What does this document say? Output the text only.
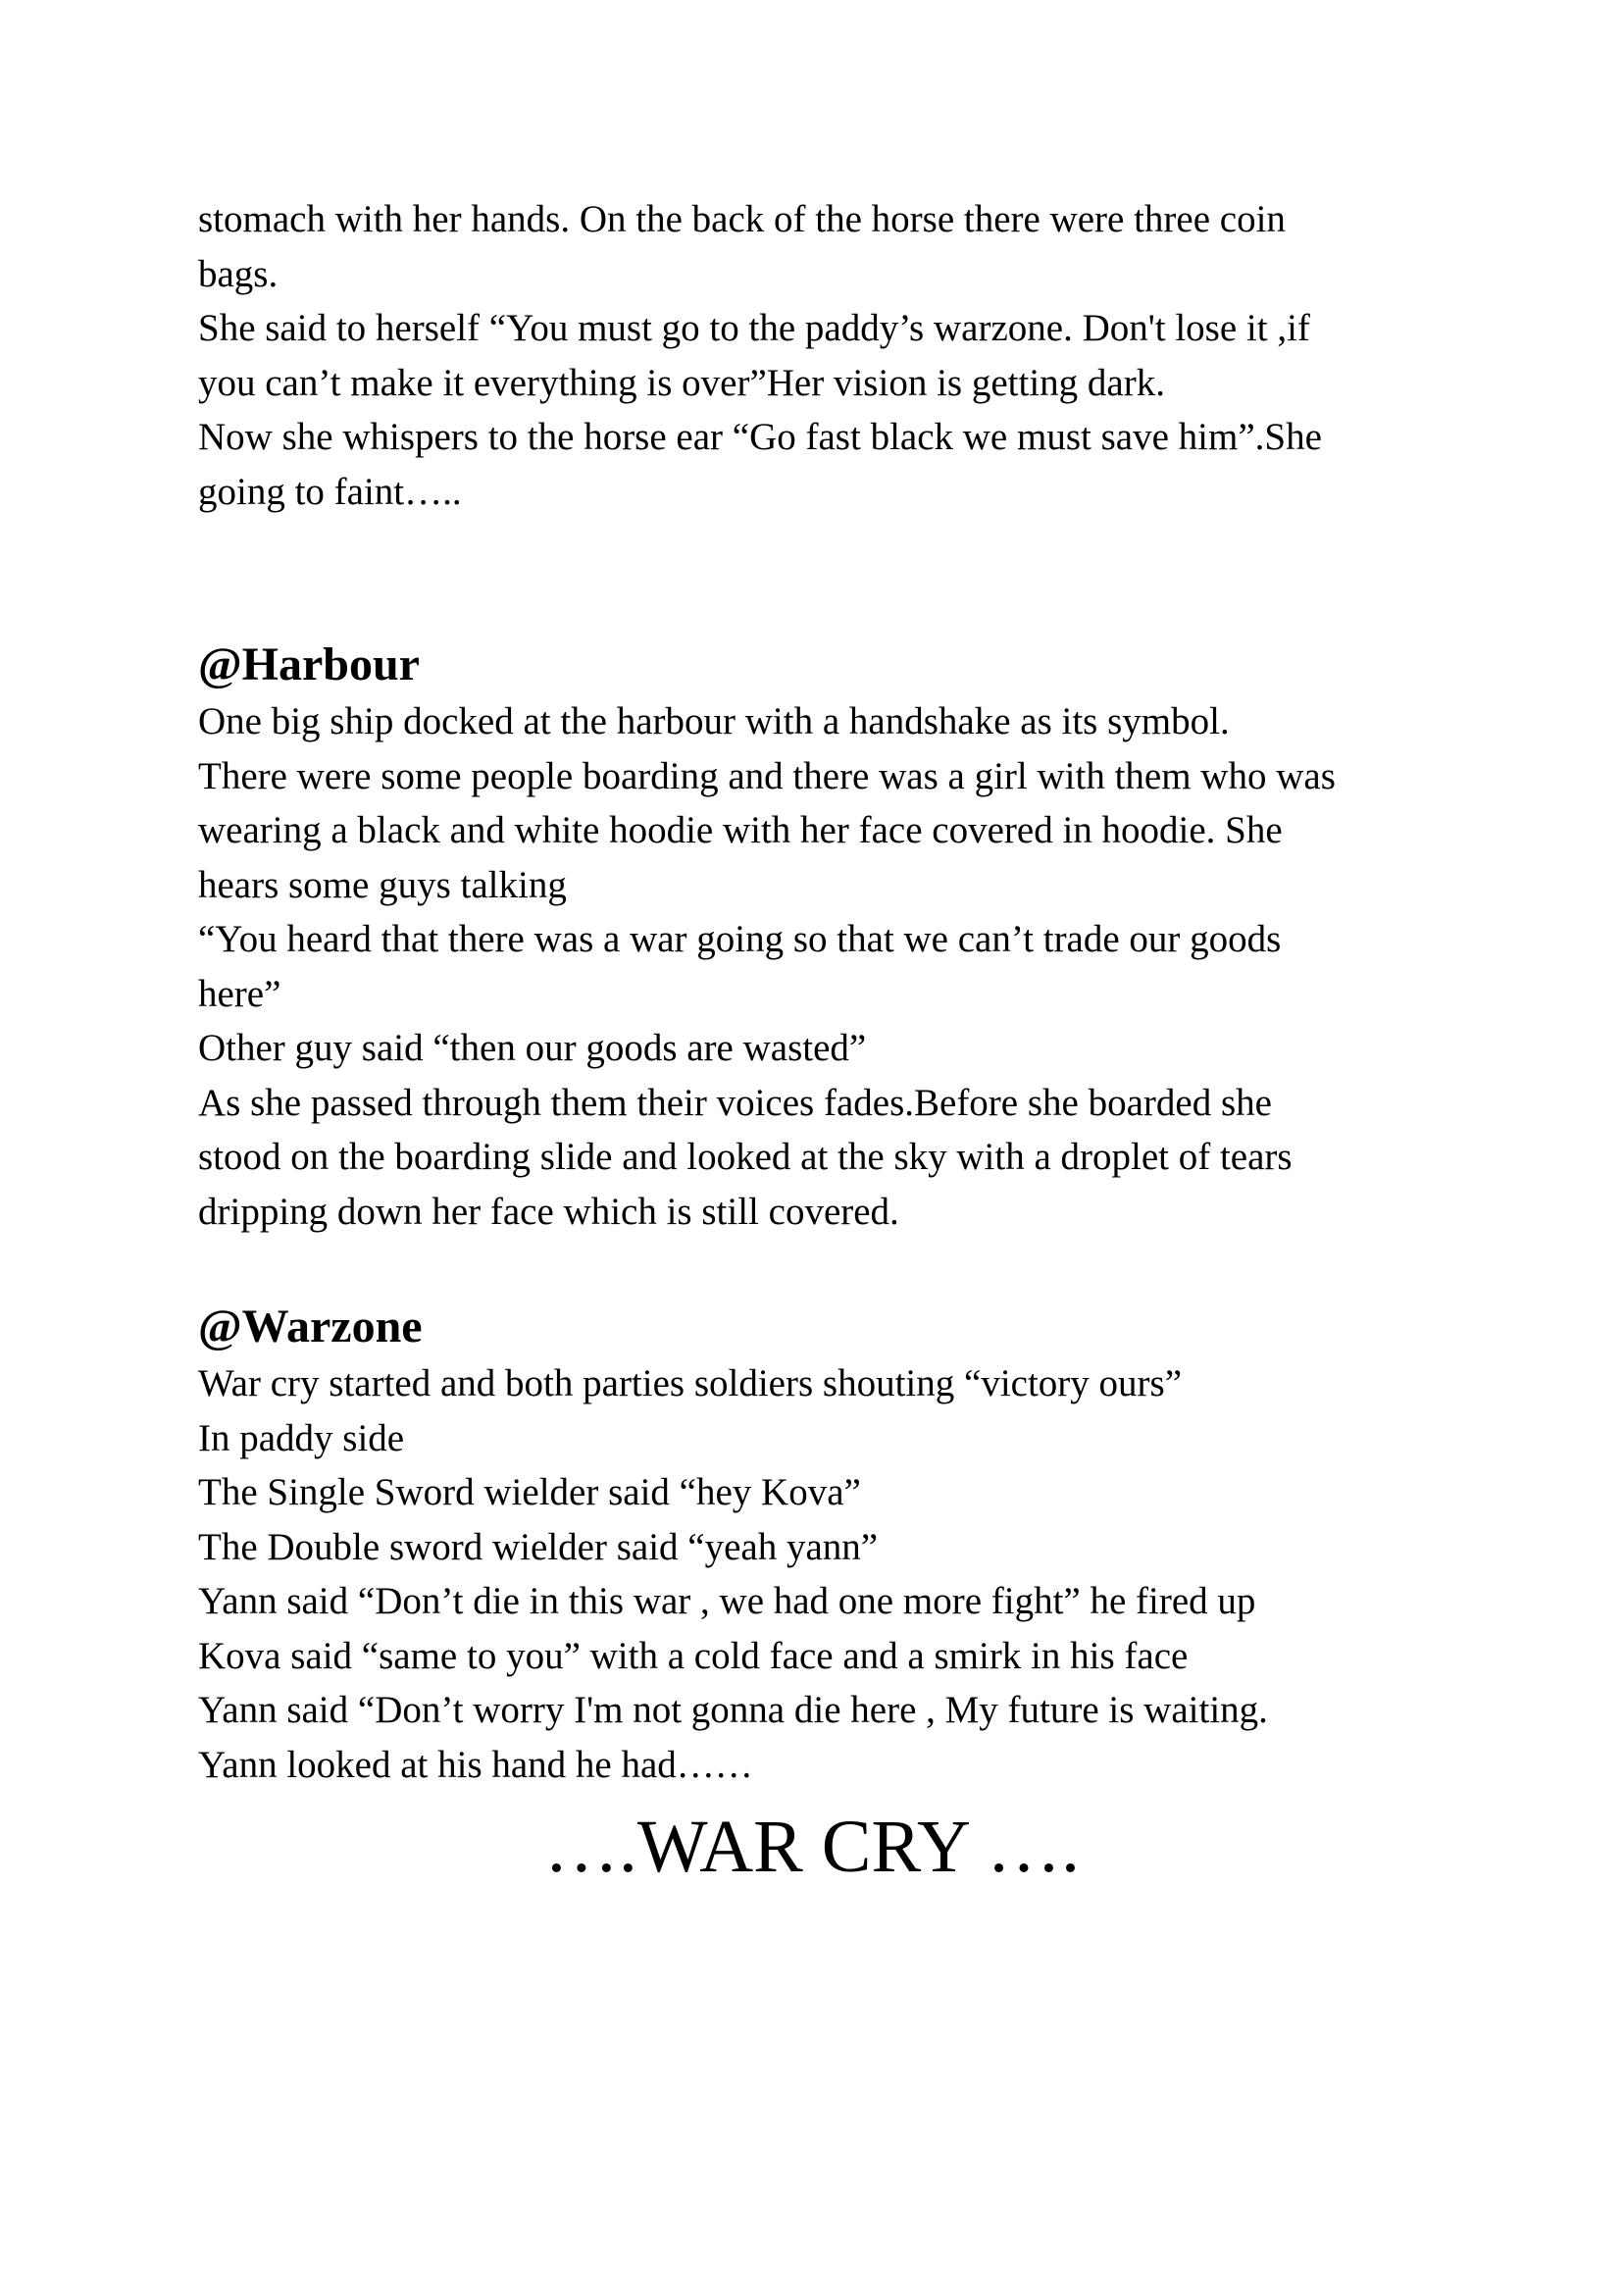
stomach with her hands. On the back of the horse there were three coin
bags.
She said to herself “You must go to the paddy’s warzone. Don't lose it ,if
you can’t make it everything is over”Her vision is getting dark.
Now she whispers to the horse ear “Go fast black we must save him”.She
going to faint…..
@Harbour
One big ship docked at the harbour with a handshake as its symbol.
There were some people boarding and there was a girl with them who was
wearing a black and white hoodie with her face covered in hoodie. She
hears some guys talking
“You heard that there was a war going so that we can’t trade our goods
here”
Other guy said “then our goods are wasted”
As she passed through them their voices fades.Before she boarded she
stood on the boarding slide and looked at the sky with a droplet of tears
dripping down her face which is still covered.
@Warzone
War cry started and both parties soldiers shouting “victory ours”
In paddy side
The Single Sword wielder said “hey Kova”
The Double sword wielder said “yeah yann”
Yann said “Don’t die in this war , we had one more fight” he fired up
Kova said “same to you” with a cold face and a smirk in his face
Yann said “Don’t worry I'm not gonna die here , My future is waiting.
Yann looked at his hand he had……
….WAR CRY ….
